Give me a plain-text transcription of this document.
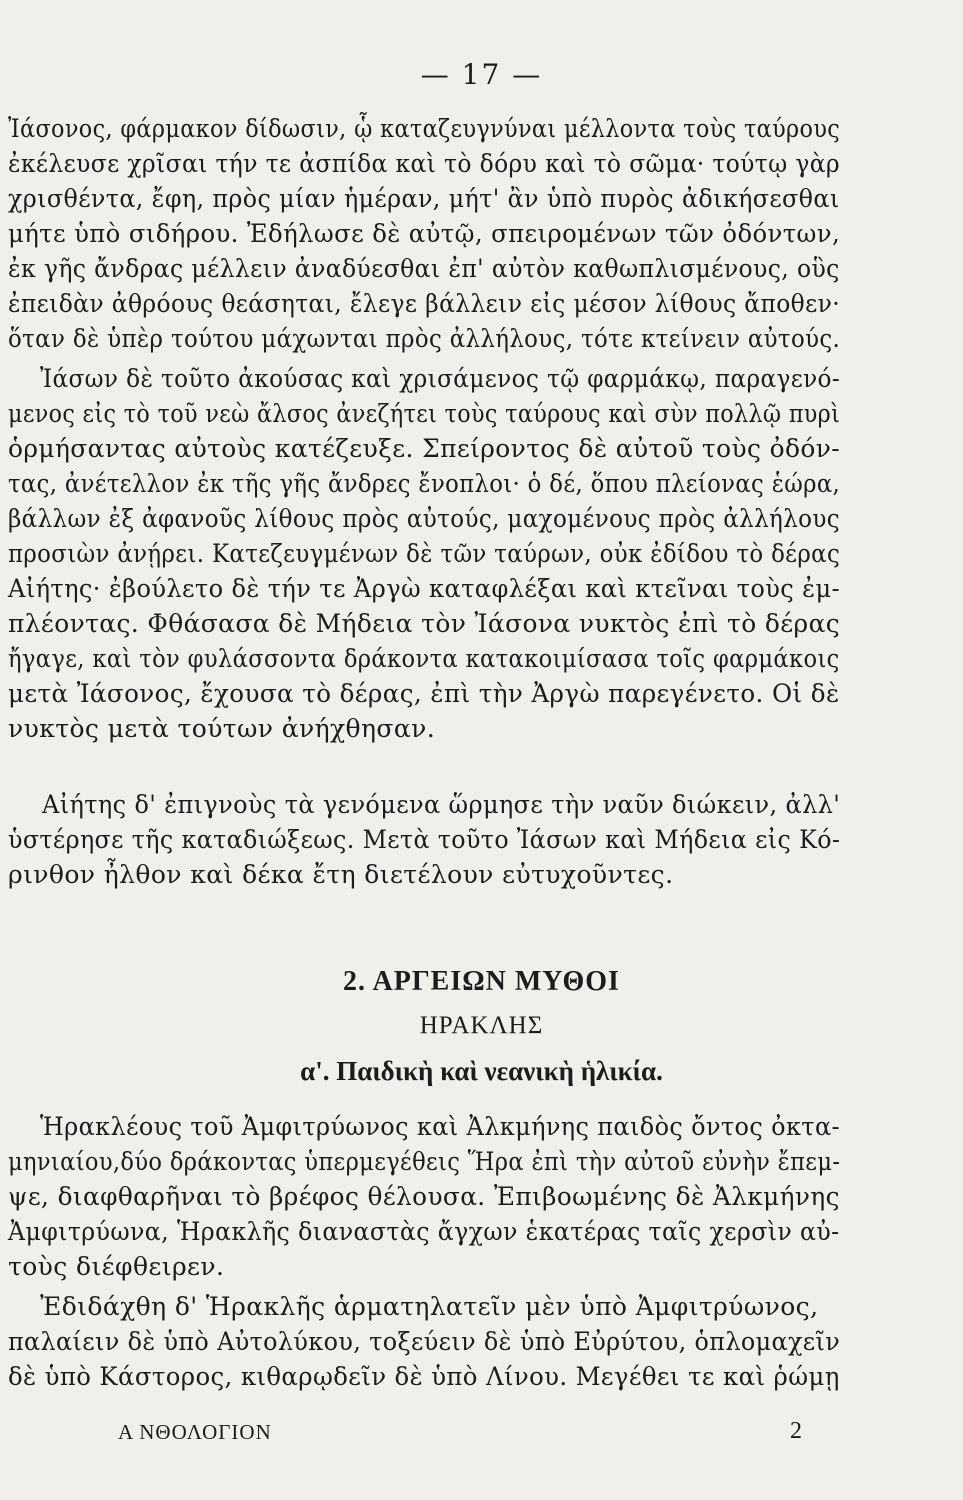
— 17 —
Ἰάσονος, φάρμακον δίδωσιν, ᾧ καταζευγνύναι μέλλοντα τοὺς ταύρους
ἐκέλευσε χρῖσαι τήν τε ἀσπίδα καὶ τὸ δόρυ καὶ τὸ σῶμα· τούτῳ γὰρ
χρισθέντα, ἔφη, πρὸς μίαν ἡμέραν, μήτ' ἂν ὑπὸ πυρὸς ἀδικήσεσθαι
μήτε ὑπὸ σιδήρου. Ἐδήλωσε δὲ αὐτῷ, σπειρομένων τῶν ὀδόντων,
ἐκ γῆς ἄνδρας μέλλειν ἀναδύεσθαι ἐπ' αὐτὸν καθωπλισμένους, οὓς
ἐπειδὰν ἀθρόους θεάσηται, ἔλεγε βάλλειν εἰς μέσον λίθους ἄποθεν·
ὅταν δὲ ὑπὲρ τούτου μάχωνται πρὸς ἀλλήλους, τότε κτείνειν αὐτούς.
Ἰάσων δὲ τοῦτο ἀκούσας καὶ χρισάμενος τῷ φαρμάκῳ, παραγενό-
μενος εἰς τὸ τοῦ νεὼ ἄλσος ἀνεζήτει τοὺς ταύρους καὶ σὺν πολλῷ πυρὶ
ὁρμήσαντας αὐτοὺς κατέζευξε. Σπείροντος δὲ αὐτοῦ τοὺς ὀδόν-
τας, ἀνέτελλον ἐκ τῆς γῆς ἄνδρες ἔνοπλοι· ὁ δέ, ὅπου πλείονας ἑώρα,
βάλλων ἐξ ἀφανοῦς λίθους πρὸς αὐτούς, μαχομένους πρὸς ἀλλήλους
προσιὼν ἀνῄρει. Κατεζευγμένων δὲ τῶν ταύρων, οὐκ ἐδίδου τὸ δέρας
Αἰήτης· ἐβούλετο δὲ τήν τε Ἀργὼ καταφλέξαι καὶ κτεῖναι τοὺς ἐμ-
πλέοντας. Φθάσασα δὲ Μήδεια τὸν Ἰάσονα νυκτὸς ἐπὶ τὸ δέρας
ἤγαγε, καὶ τὸν φυλάσσοντα δράκοντα κατακοιμίσασα τοῖς φαρμάκοις
μετὰ Ἰάσονος, ἔχουσα τὸ δέρας, ἐπὶ τὴν Ἀργὼ παρεγένετο. Οἱ δὲ
νυκτὸς μετὰ τούτων ἀνήχθησαν.
Αἰήτης δ' ἐπιγνοὺς τὰ γενόμενα ὥρμησε τὴν ναῦν διώκειν, ἀλλ'
ὑστέρησε τῆς καταδιώξεως. Μετὰ τοῦτο Ἰάσων καὶ Μήδεια εἰς Κό-
ρινθον ἦλθον καὶ δέκα ἔτη διετέλουν εὐτυχοῦντες.
2. ΑΡΓΕΙΩΝ ΜΥΘΟΙ
ΗΡΑΚΛΗΣ
α'. Παιδικὴ καὶ νεανικὴ ἡλικία.
Ἡρακλέους τοῦ Ἀμφιτρύωνος καὶ Ἀλκμήνης παιδὸς ὄντος ὀκτα-
μηνιαίου,δύο δράκοντας ὑπερμεγέθεις Ἥρα ἐπὶ τὴν αὐτοῦ εὐνὴν ἔπεμ-
ψε, διαφθαρῆναι τὸ βρέφος θέλουσα. Ἐπιβοωμένης δὲ Ἀλκμήνης
Ἀμφιτρύωνα, Ἡρακλῆς διαναστὰς ἄγχων ἑκατέρας ταῖς χερσὶν αὐ-
τοὺς διέφθειρεν.
Ἐδιδάχθη δ' Ἡρακλῆς ἁρματηλατεῖν μὲν ὑπὸ Ἀμφιτρύωνος,
παλαίειν δὲ ὑπὸ Αὐτολύκου, τοξεύειν δὲ ὑπὸ Εὐρύτου, ὁπλομαχεῖν
δὲ ὑπὸ Κάστορος, κιθαρῳδεῖν δὲ ὑπὸ Λίνου. Μεγέθει τε καὶ ῥώμῃ
Α ΝΘΟΛΟΓΙΟΝ	2
